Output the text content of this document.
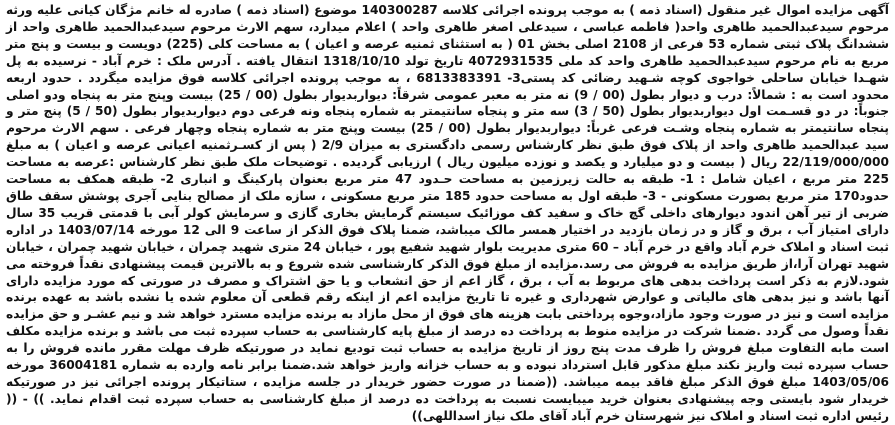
آگهی مزایده اموال غیر منقول (اسناد ذمه ) به موجب پرونده اجرائی کلاسه 140300287 موضوع (اسناد ذمه ) صادره له خانم مژگان کیانی علیه ورثه مرحوم سیدعبدالحمید طاهری واحد( فاطمه عباسی ، سیدعلی اصغر طاهری واحد ) اعلام میدارد، سهم الارث مرحوم سیدعبدالحمید طاهری واحد از ششدانگ پلاک ثبتی شماره 53 فرعی از 2108 اصلی بخش 01 ( به استثنای ثمنیه عرصه و اعیان ) به مساحت کلی (225) دویست و بیست و پنج متر مربع به نام مرحوم سیدعبدالحمید طاهری واحد کد ملی 4072931535 تاریخ تولد 1318/10/10 انتقال یافته . آدرس ملک : خرم آباد - نرسیده به پل شهـدا خیابان ساحلی خواجوی کوچه شـهید رضائی کد پستی3- 6813383391 ، به موجب پرونده اجرائی کلاسه فوق مزایده میگردد . حدود اربعه محدود است به : شمالاً: درب و دیوار بطول (00 / 9) نه متر به معبر عمومی شرقاً: دیواربدیوار بطول (00 / 25) بیست وپنج متر به پنجاه ودو اصلی جنوباً: در دو قسـمت اول دیواربدیوار بطول (50 / 3) سه متر و پنجاه سانتیمتر به شماره پنجاه ونه فرعی دوم دیواربدیوار بطول (50 / 5) پنج متر و پنجاه سانتیمتر به شماره پنجاه وشـت فرعی غرباً: دیواربدیوار بطول (00 / 25) بیست وپنج متر به شماره پنجاه وچهار فرعی . سهم الارث مرحوم سید عبدالحمید طاهری واحد از پلاک فوق طبق نظر کارشناس رسمی دادگستری به میزان 2/9 ( پس از کسـرثمنیه اعیانی عرصه و اعیان ) به مبلغ 22/119/000/000 ریال ( بیست و دو میلیارد و یکصد و نوزده میلیون ریال ) ارزیابی گردیده . توضیحات ملک طبق نظر کارشناس :عرصه به مساحت 225 متر مربع ، اعیان شامل : 1- طبقه به حالت زیرزمین به مساحت حـدود 47 متر مربع بعنوان پارکینگ و انباری 2- طبقه همکف به مساحت حدود170 متر مربع بصورت مسکونی - 3- طبقه اول به مساحت حدود 185 متر مربع مسکونی ، سازه ملک از مصالح بنایی آجری پوشش سقف طاق ضربی از تیر آهن اندود دیوارهای داخلی گچ خاک و سفید کف موزائیک سیستم گرمایش بخاری گازی و سرمایش کولر آبی با قدمتی قریب 35 سال دارای امتیاز آب ، برق و گاز و در زمان بازدید در اختیار همسر مالک میباشد، ضمنا پلاک فوق الذکر از ساعت 9 الی 12 مورخه 1403/07/14 در اداره ثبت اسناد و املاک خرم آباد واقع در خرم آباد – 60 متری مدیریت بلوار شهید شفیع پور ، خیابان 24 متری شهید چمران ، خیابان شهید چمران ، خیابان شهید تهران آرا،از طریق مزایده به فروش می رسد.مزایده از مبلغ فوق الذکر کارشناسی شده شروع و به بالاترین قیمت پیشنهادی نقداً فروخته می شود.لازم به ذکر است پرداخت بدهی های مربوط به آب ، برق ، گاز اعم از حق انشعاب و یا حق اشتراک و مصرف در صورتی که مورد مزایده دارای آنها باشد و نیز بدهی های مالیاتی و عوارض شهرداری و غیره تا تاریخ مزایده اعم از اینکه رقم قطعی آن معلوم شده یا نشده باشد به عهده برنده مزایده است و نیز در صورت وجود مازاد،وجوه پرداختی بابت هزینه های فوق از محل مازاد به برنده مزایده مسترد خواهد شد و نیم عشـر و حق مزایده نقداً وصول می گردد .ضمنا شرکت در مزایده منوط به پرداخت ده درصد از مبلغ پایه کارشناسی به حساب سپرده ثبت می باشد و برنده مزایده مکلف است مابه التفاوت مبلغ فروش را ظرف مدت پنج روز از تاریخ مزایده به حساب ثبت تودیع نماید در صورتیکه ظرف مهلت مقرر مانده فروش را به حساب سپرده ثبت واریز نکند مبلغ مذکور قابل استرداد نبوده و به حساب خزانه واریز خواهد شد.ضمنا برابر نامه وارده به شماره 36004181 مورخه 1403/05/06 مبلغ فوق الذکر مبلغ فاقد بیمه میباشد. ((ضمنا در صورت حضور خریدار در جلسه مزایده ، ستاتیکار پرونده اجرائی نیز در صورتیکه خریدار شود بایستی وجه پیشنهادی بعنوان خرید میبایست نسبت به پرداخت ده درصد از مبلغ کارشناسی به حساب سپرده ثبت اقدام نماید. )) - (( رئیس اداره ثبت اسناد و املاک نیز شهرستان خرم آباد آقای ملک نیاز اسداللهی))
